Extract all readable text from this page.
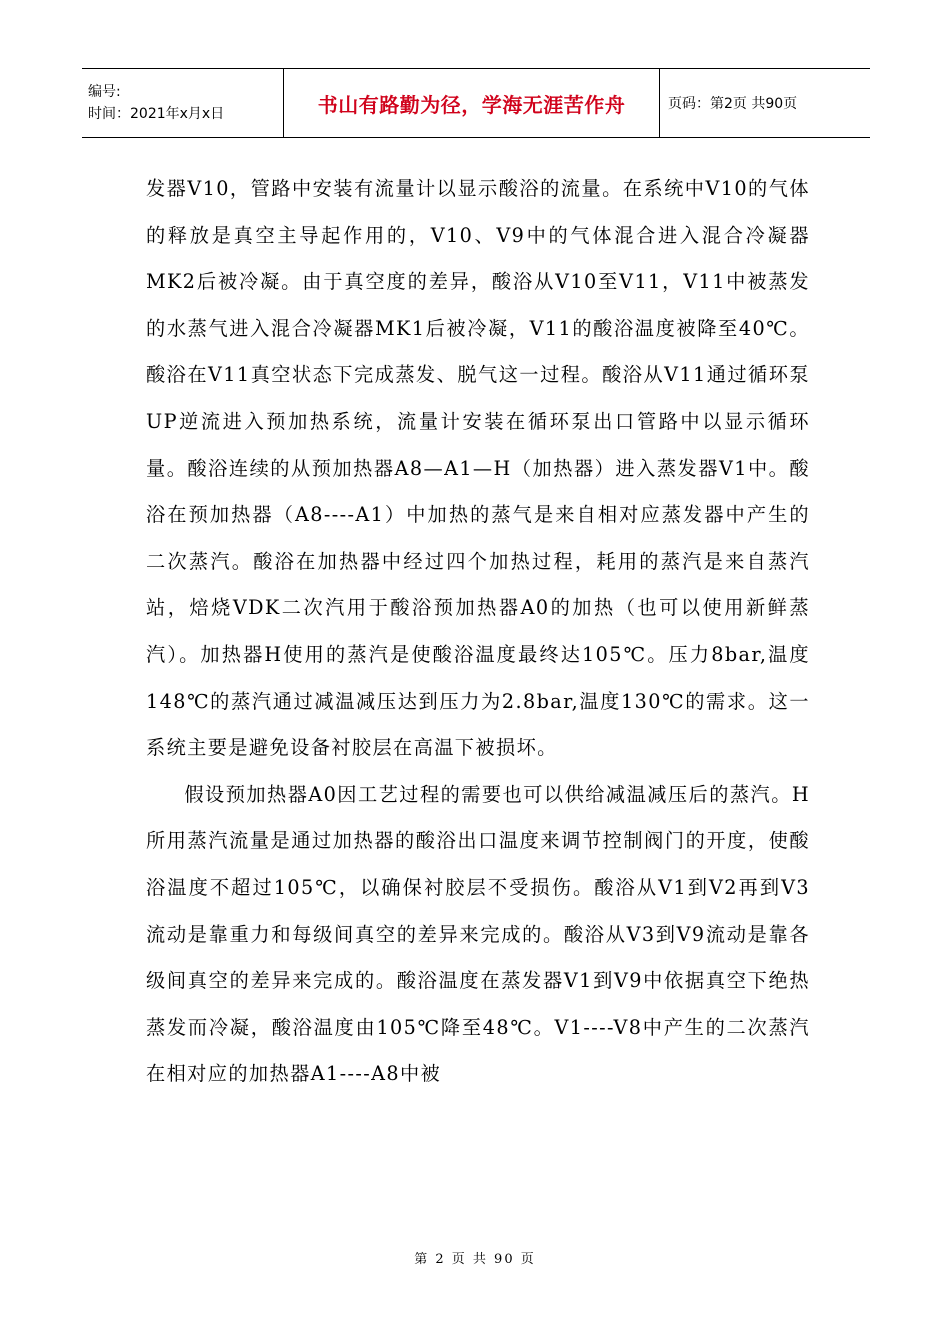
编号:
时间：2021年x月x日	书山有路勤为径，学海无涯苦作舟	页码：第2页 共90页

发器V10，管路中安装有流量计以显示酸浴的流量。在系统中V10的气体的释放是真空主导起作用的，V10、V9中的气体混合进入混合冷凝器MK2后被冷凝。由于真空度的差异，酸浴从V10至V11，V11中被蒸发的水蒸气进入混合冷凝器MK1后被冷凝，V11的酸浴温度被降至40℃。酸浴在V11真空状态下完成蒸发、脱气这一过程。酸浴从V11通过循环泵UP逆流进入预加热系统，流量计安装在循环泵出口管路中以显示循环量。酸浴连续的从预加热器A8—A1—H（加热器）进入蒸发器V1中。酸浴在预加热器（A8----A1）中加热的蒸气是来自相对应蒸发器中产生的二次蒸汽。酸浴在加热器中经过四个加热过程，耗用的蒸汽是来自蒸汽站，焙烧VDK二次汽用于酸浴预加热器A0的加热（也可以使用新鲜蒸汽）。加热器H使用的蒸汽是使酸浴温度最终达105℃。压力8bar,温度148℃的蒸汽通过减温减压达到压力为2.8bar,温度130℃的需求。这一系统主要是避免设备衬胶层在高温下被损坏。

假设预加热器A0因工艺过程的需要也可以供给减温减压后的蒸汽。H所用蒸汽流量是通过加热器的酸浴出口温度来调节控制阀门的开度，使酸浴温度不超过105℃，以确保衬胶层不受损伤。酸浴从V1到V2再到V3流动是靠重力和每级间真空的差异来完成的。酸浴从V3到V9流动是靠各级间真空的差异来完成的。酸浴温度在蒸发器V1到V9中依据真空下绝热蒸发而冷凝，酸浴温度由105℃降至48℃。V1----V8中产生的二次蒸汽在相对应的加热器A1----A8中被

第 2 页 共 90 页
